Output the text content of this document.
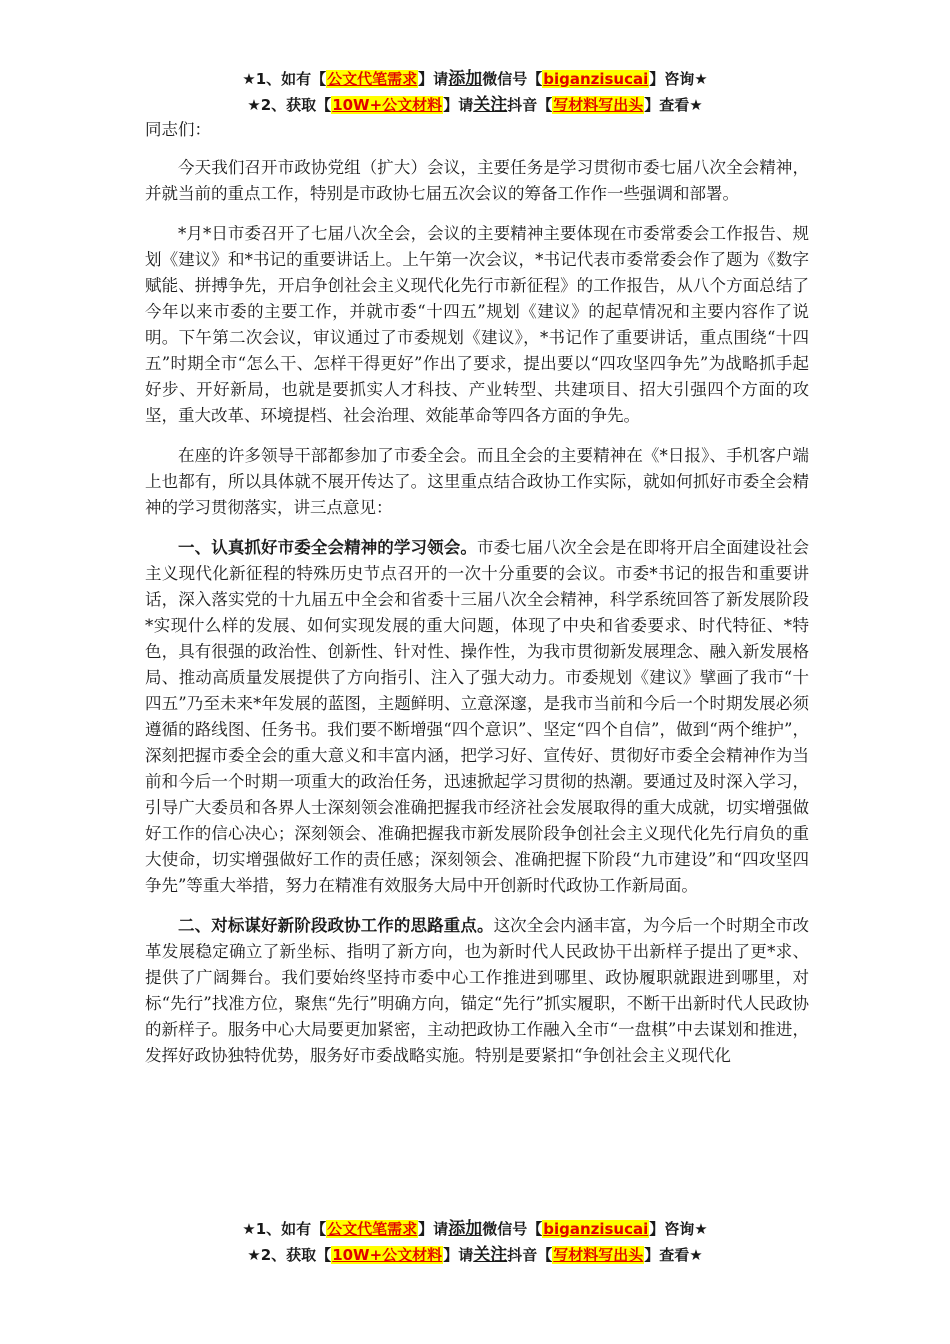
★1、如有【公文代笔需求】请添加微信号【biganzisucai】咨询★
★2、获取【10W+公文材料】请关注抖音【写材料写出头】查看★

同志们：

今天我们召开市政协党组（扩大）会议，主要任务是学习贯彻市委七届八次全会精神，并就当前的重点工作，特别是市政协七届五次会议的筹备工作作一些强调和部署。

*月*日市委召开了七届八次全会，会议的主要精神主要体现在市委常委会工作报告、规划《建议》和*书记的重要讲话上。上午第一次会议，*书记代表市委常委会作了题为《数字赋能、拼搏争先，开启争创社会主义现代化先行市新征程》的工作报告，从八个方面总结了今年以来市委的主要工作，并就市委“十四五”规划《建议》的起草情况和主要内容作了说明。下午第二次会议，审议通过了市委规划《建议》，*书记作了重要讲话，重点围绕“十四五”时期全市“怎么干、怎样干得更好”作出了要求，提出要以“四攻坚四争先”为战略抓手起好步、开好新局，也就是要抓实人才科技、产业转型、共建项目、招大引强四个方面的攻坚，重大改革、环境提档、社会治理、效能革命等四各方面的争先。

在座的许多领导干部都参加了市委全会。而且全会的主要精神在《*日报》、手机客户端上也都有，所以具体就不展开传达了。这里重点结合政协工作实际，就如何抓好市委全会精神的学习贯彻落实，讲三点意见：

一、认真抓好市委全会精神的学习领会。市委七届八次全会是在即将开启全面建设社会主义现代化新征程的特殊历史节点召开的一次十分重要的会议。市委*书记的报告和重要讲话，深入落实党的十九届五中全会和省委十三届八次全会精神，科学系统回答了新发展阶段*实现什么样的发展、如何实现发展的重大问题，体现了中央和省委要求、时代特征、*特色，具有很强的政治性、创新性、针对性、操作性，为我市贯彻新发展理念、融入新发展格局、推动高质量发展提供了方向指引、注入了强大动力。市委规划《建议》擘画了我市“十四五”乃至未来*年发展的蓝图，主题鲜明、立意深邃，是我市当前和今后一个时期发展必须遵循的路线图、任务书。我们要不断增强“四个意识”、坚定“四个自信”，做到“两个维护”，深刻把握市委全会的重大意义和丰富内涵，把学习好、宣传好、贯彻好市委全会精神作为当前和今后一个时期一项重大的政治任务，迅速掀起学习贯彻的热潮。要通过及时深入学习，引导广大委员和各界人士深刻领会准确把握我市经济社会发展取得的重大成就，切实增强做好工作的信心决心；深刻领会、准确把握我市新发展阶段争创社会主义现代化先行肩负的重大使命，切实增强做好工作的责任感；深刻领会、准确把握下阶段“九市建设”和“四攻坚四争先”等重大举措，努力在精准有效服务大局中开创新时代政协工作新局面。

二、对标谋好新阶段政协工作的思路重点。这次全会内涵丰富，为今后一个时期全市改革发展稳定确立了新坐标、指明了新方向，也为新时代人民政协干出新样子提出了更*求、提供了广阔舞台。我们要始终坚持市委中心工作推进到哪里、政协履职就跟进到哪里，对标“先行”找准方位，聚焦“先行”明确方向，锚定“先行”抓实履职，不断干出新时代人民政协的新样子。服务中心大局要更加紧密，主动把政协工作融入全市“一盘棋”中去谋划和推进，发挥好政协独特优势，服务好市委战略实施。特别是要紧扣“争创社会主义现代化

★1、如有【公文代笔需求】请添加微信号【biganzisucai】咨询★
★2、获取【10W+公文材料】请关注抖音【写材料写出头】查看★
